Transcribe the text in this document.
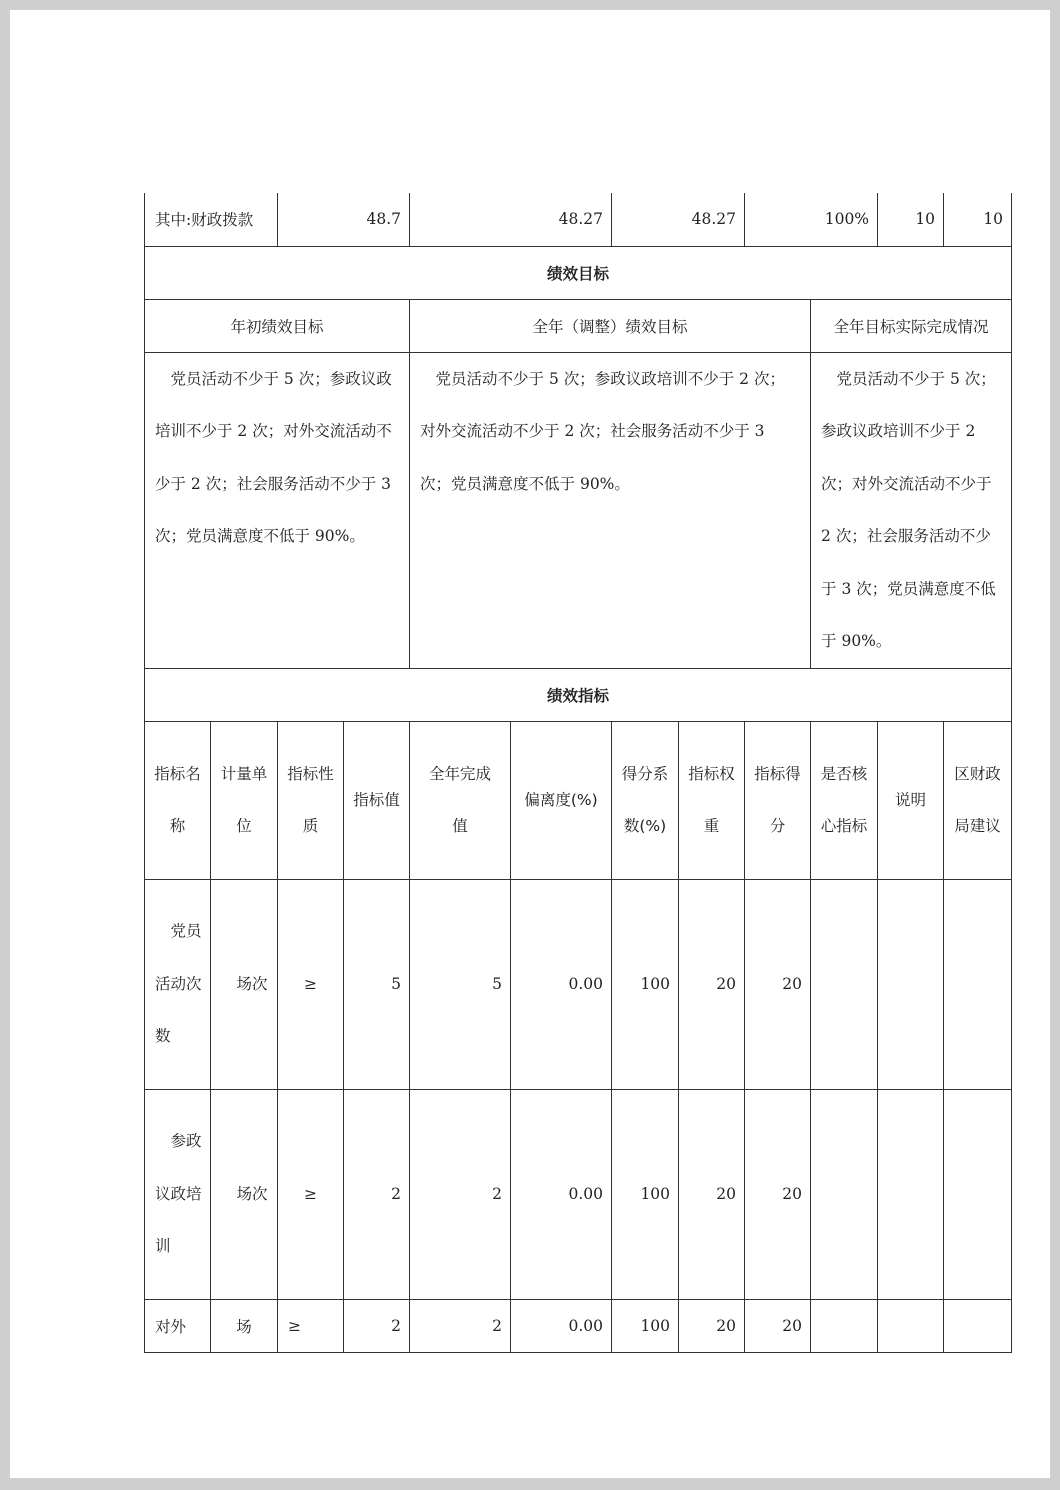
其中:财政拨款		48.7		48.27		48.27		100%		10	10
绩效目标											
年初绩效目标				全年（调整）绩效目标					全年目标实际完成情况		
　党员活动不少于 5 次；参政议政培训不少于 2 次；对外交流活动不少于 2 次；社会服务活动不少于 3 次；党员满意度不低于 90%。				　党员活动不少于 5 次；参政议政培训不少于 2 次；对外交流活动不少于 2 次；社会服务活动不少于 3 次；党员满意度不低于 90%。					　党员活动不少于 5 次；参政议政培训不少于 2 次；对外交流活动不少于 2 次；社会服务活动不少于 3 次；党员满意度不低于 90%。		
绩效指标											
指标名称	计量单位	指标性质	指标值	全年完成值	偏离度(%)	得分系数(%)	指标权重	指标得分	是否核心指标	说明	区财政局建议
　党员活动次数	　场次	≥	5	5	0.00	100	20	20			
　参政议政培训	　场次	≥	2	2	0.00	100	20	20			
对外	场	≥	2	2	0.00	100	20	20			
